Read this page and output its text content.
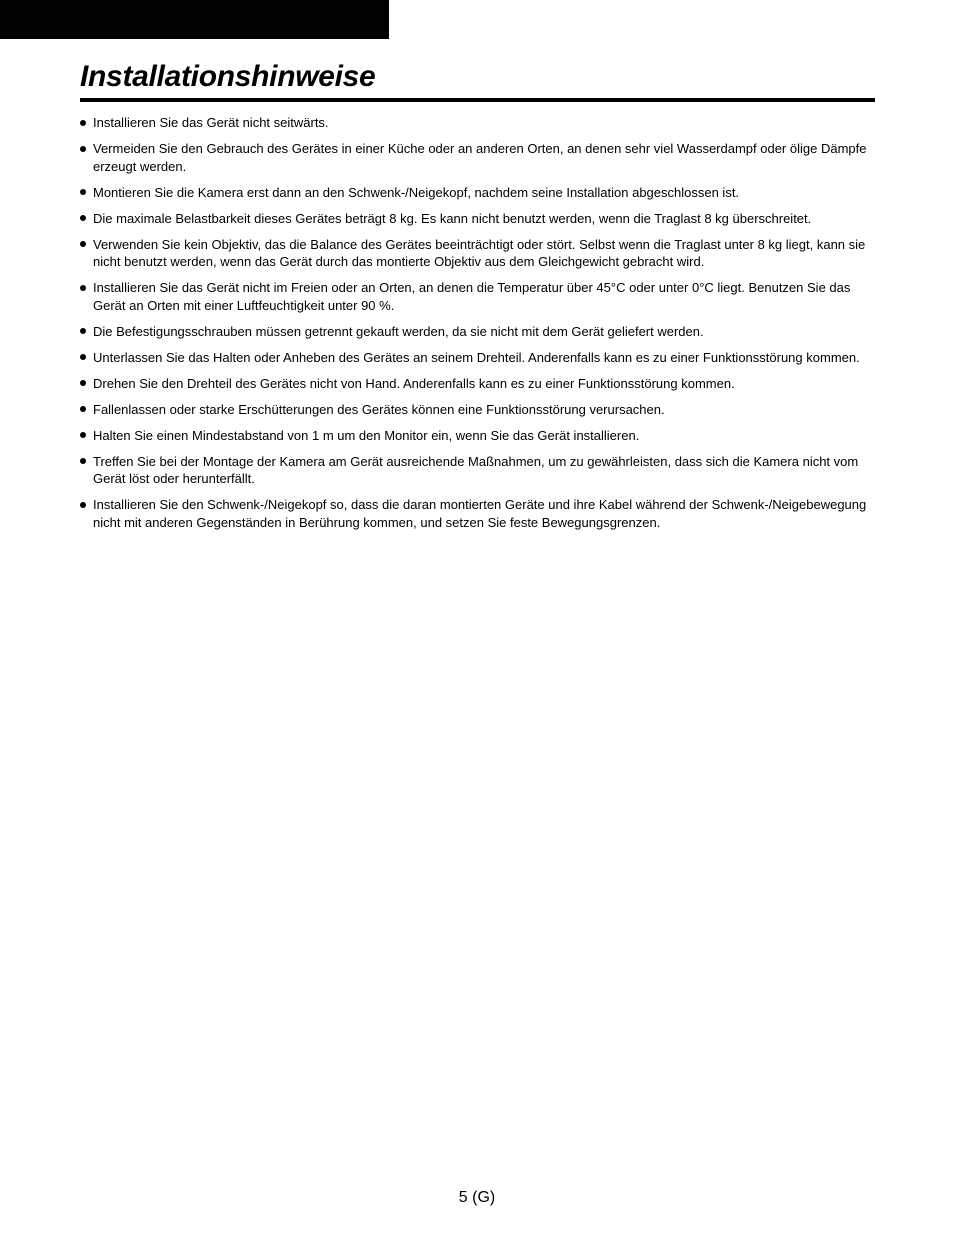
Innenraum-Schwenk-/Neigekopf  AW-PH400

Installationshinweise
Installieren Sie das Gerät nicht seitwärts.
Vermeiden Sie den Gebrauch des Gerätes in einer Küche oder an anderen Orten, an denen sehr viel Wasserdampf oder ölige Dämpfe erzeugt werden.
Montieren Sie die Kamera erst dann an den Schwenk-/Neigekopf, nachdem seine Installation abgeschlossen ist.
Die maximale Belastbarkeit dieses Gerätes beträgt 8 kg. Es kann nicht benutzt werden, wenn die Traglast 8 kg überschreitet.
Verwenden Sie kein Objektiv, das die Balance des Gerätes beeinträchtigt oder stört. Selbst wenn die Traglast unter 8 kg liegt, kann sie nicht benutzt werden, wenn das Gerät durch das montierte Objektiv aus dem Gleichgewicht gebracht wird.
Installieren Sie das Gerät nicht im Freien oder an Orten, an denen die Temperatur über 45°C oder unter 0°C liegt. Benutzen Sie das Gerät an Orten mit einer Luftfeuchtigkeit unter 90 %.
Die Befestigungsschrauben müssen getrennt gekauft werden, da sie nicht mit dem Gerät geliefert werden.
Unterlassen Sie das Halten oder Anheben des Gerätes an seinem Drehteil. Anderenfalls kann es zu einer Funktionsstörung kommen.
Drehen Sie den Drehteil des Gerätes nicht von Hand. Anderenfalls kann es zu einer Funktionsstörung kommen.
Fallenlassen oder starke Erschütterungen des Gerätes können eine Funktionsstörung verursachen.
Halten Sie einen Mindestabstand von 1 m um den Monitor ein, wenn Sie das Gerät installieren.
Treffen Sie bei der Montage der Kamera am Gerät ausreichende Maßnahmen, um zu gewährleisten, dass sich die Kamera nicht vom Gerät löst oder herunterfällt.
Installieren Sie den Schwenk-/Neigekopf so, dass die daran montierten Geräte und ihre Kabel während der Schwenk-/Neigebewegung nicht mit anderen Gegenständen in Berührung kommen, und setzen Sie feste Bewegungsgrenzen.
5 (G)
